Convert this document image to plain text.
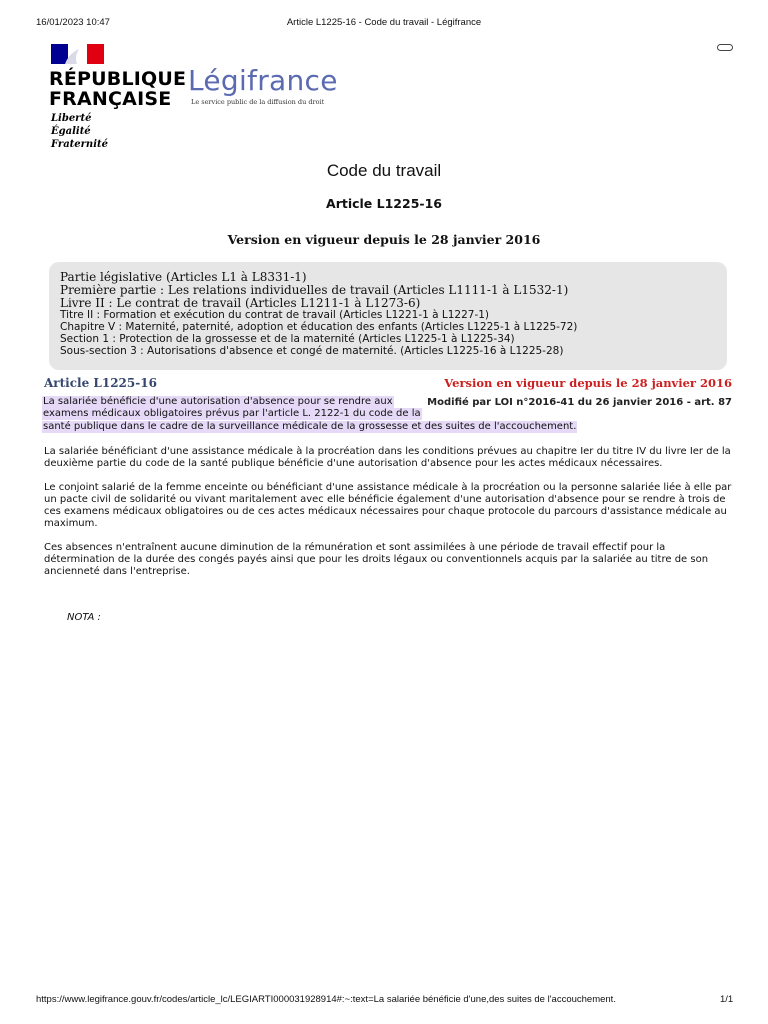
16/01/2023 10:47	Article L1225-16 - Code du travail - Légifrance
RÉPUBLIQUE
FRANÇAISE
Liberté
Égalité
Fraternité
Légifrance
Le service public de la diffusion du droit
Code du travail
Article L1225-16
Version en vigueur depuis le 28 janvier 2016
Partie législative (Articles L1 à L8331-1)
Première partie : Les relations individuelles de travail (Articles L1111-1 à L1532-1)
Livre II : Le contrat de travail (Articles L1211-1 à L1273-6)
Titre II : Formation et exécution du contrat de travail (Articles L1221-1 à L1227-1)
Chapitre V : Maternité, paternité, adoption et éducation des enfants (Articles L1225-1 à L1225-72)
Section 1 : Protection de la grossesse et de la maternité (Articles L1225-1 à L1225-34)
Sous-section 3 : Autorisations d'absence et congé de maternité. (Articles L1225-16 à L1225-28)
Article L1225-16	Version en vigueur depuis le 28 janvier 2016
Modifié par LOI n°2016-41 du 26 janvier 2016 - art. 87
La salariée bénéficie d'une autorisation d'absence pour se rendre aux
examens médicaux obligatoires prévus par l'article L. 2122-1 du code de la
santé publique dans le cadre de la surveillance médicale de la grossesse et des suites de l'accouchement.

La salariée bénéficiant d'une assistance médicale à la procréation dans les conditions prévues au chapitre Ier du titre IV du livre Ier de la deuxième partie du code de la santé publique bénéficie d'une autorisation d'absence pour les actes médicaux nécessaires.

Le conjoint salarié de la femme enceinte ou bénéficiant d'une assistance médicale à la procréation ou la personne salariée liée à elle par un pacte civil de solidarité ou vivant maritalement avec elle bénéficie également d'une autorisation d'absence pour se rendre à trois de ces examens médicaux obligatoires ou de ces actes médicaux nécessaires pour chaque protocole du parcours d'assistance médicale au maximum.

Ces absences n'entraînent aucune diminution de la rémunération et sont assimilées à une période de travail effectif pour la détermination de la durée des congés payés ainsi que pour les droits légaux ou conventionnels acquis par la salariée au titre de son ancienneté dans l'entreprise.

NOTA :
https://www.legifrance.gouv.fr/codes/article_lc/LEGIARTI000031928914#:~:text=La salariée bénéficie d'une,des suites de l'accouchement.	1/1
